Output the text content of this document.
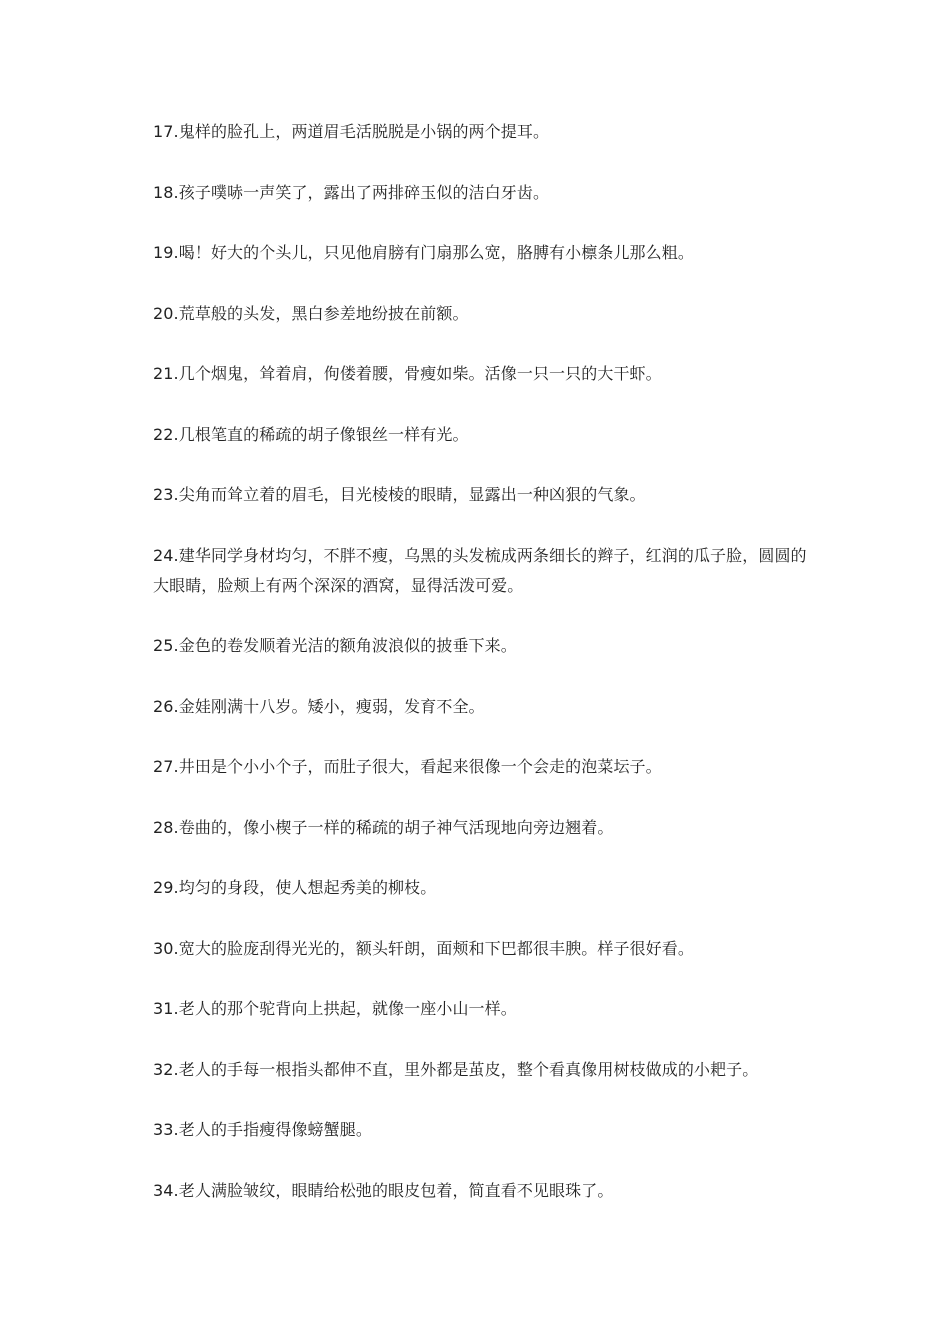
17.鬼样的脸孔上，两道眉毛活脱脱是小锅的两个提耳。

18.孩子噗哧一声笑了，露出了两排碎玉似的洁白牙齿。

19.喝！好大的个头儿，只见他肩膀有门扇那么宽，胳膊有小檩条儿那么粗。

20.荒草般的头发，黑白参差地纷披在前额。

21.几个烟鬼，耸着肩，佝偻着腰，骨瘦如柴。活像一只一只的大干虾。

22.几根笔直的稀疏的胡子像银丝一样有光。

23.尖角而耸立着的眉毛，目光棱棱的眼睛，显露出一种凶狠的气象。

24.建华同学身材均匀，不胖不瘦，乌黑的头发梳成两条细长的辫子，红润的瓜子脸，圆圆的大眼睛，脸颊上有两个深深的酒窝，显得活泼可爱。

25.金色的卷发顺着光洁的额角波浪似的披垂下来。

26.金娃刚满十八岁。矮小，瘦弱，发育不全。

27.井田是个小小个子，而肚子很大，看起来很像一个会走的泡菜坛子。

28.卷曲的，像小楔子一样的稀疏的胡子神气活现地向旁边翘着。

29.均匀的身段，使人想起秀美的柳枝。

30.宽大的脸庞刮得光光的，额头轩朗，面颊和下巴都很丰腴。样子很好看。

31.老人的那个驼背向上拱起，就像一座小山一样。

32.老人的手每一根指头都伸不直，里外都是茧皮，整个看真像用树枝做成的小耙子。

33.老人的手指瘦得像螃蟹腿。

34.老人满脸皱纹，眼睛给松弛的眼皮包着，简直看不见眼珠了。
